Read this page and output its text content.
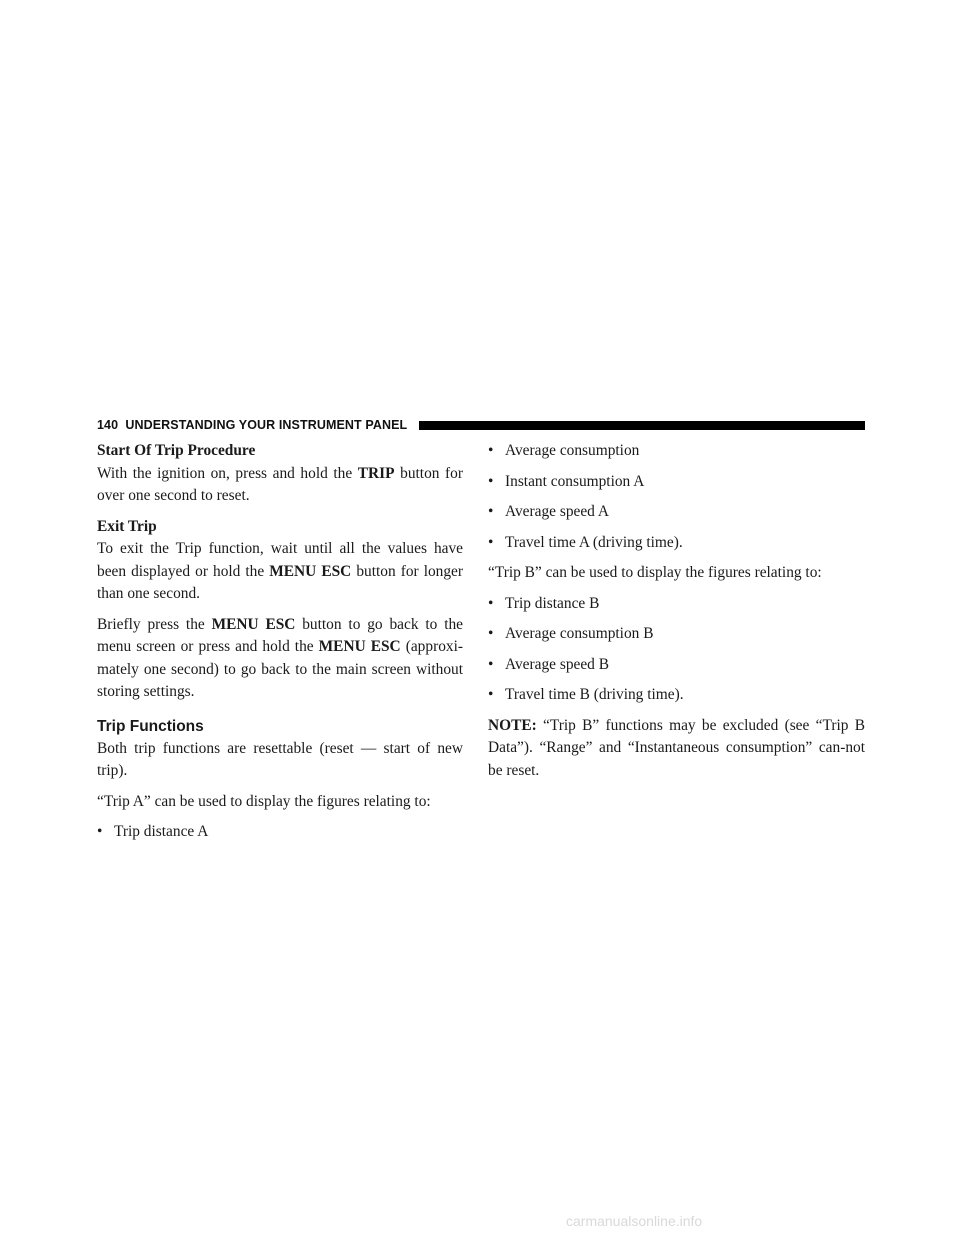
140 UNDERSTANDING YOUR INSTRUMENT PANEL
Start Of Trip Procedure

With the ignition on, press and hold the TRIP button for over one second to reset.

Exit Trip

To exit the Trip function, wait until all the values have been displayed or hold the MENU ESC button for longer than one second.

Briefly press the MENU ESC button to go back to the menu screen or press and hold the MENU ESC (approxi-mately one second) to go back to the main screen without storing settings.

Trip Functions

Both trip functions are resettable (reset — start of new trip).

“Trip A” can be used to display the figures relating to:

• Trip distance A
• Average consumption
• Instant consumption A
• Average speed A
• Travel time A (driving time).

“Trip B” can be used to display the figures relating to:

• Trip distance B
• Average consumption B
• Average speed B
• Travel time B (driving time).

NOTE: “Trip B” functions may be excluded (see “Trip B Data”). “Range” and “Instantaneous consumption” can-not be reset.

carmanualsonline.info
